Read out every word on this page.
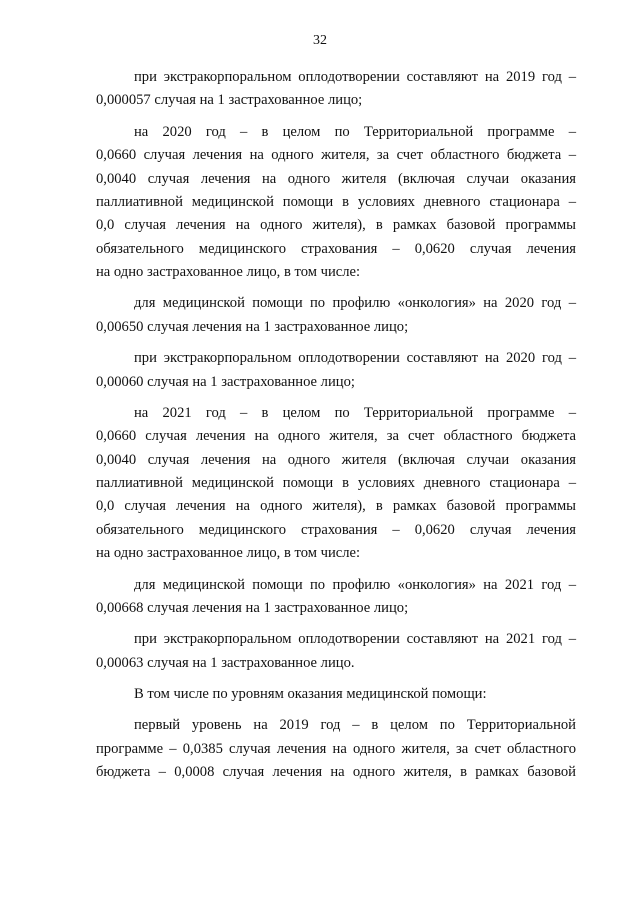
32

при экстракорпоральном оплодотворении составляют на 2019 год –
0,000057 случая на 1 застрахованное лицо;

на 2020 год – в целом по Территориальной программе –
0,0660 случая лечения на одного жителя, за счет областного бюджета –
0,0040 случая лечения на одного жителя (включая случаи оказания
паллиативной медицинской помощи в условиях дневного стационара –
0,0 случая лечения на одного жителя), в рамках базовой программы
обязательного медицинского страхования – 0,0620 случая лечения
на одно застрахованное лицо, в том числе:

для медицинской помощи по профилю «онкология» на 2020 год –
0,00650 случая лечения на 1 застрахованное лицо;

при экстракорпоральном оплодотворении составляют на 2020 год –
0,00060 случая на 1 застрахованное лицо;

на 2021 год – в целом по Территориальной программе –
0,0660 случая лечения на одного жителя, за счет областного бюджета
0,0040 случая лечения на одного жителя (включая случаи оказания
паллиативной медицинской помощи в условиях дневного стационара –
0,0 случая лечения на одного жителя), в рамках базовой программы
обязательного медицинского страхования – 0,0620 случая лечения
на одно застрахованное лицо, в том числе:

для медицинской помощи по профилю «онкология» на 2021 год –
0,00668 случая лечения на 1 застрахованное лицо;

при экстракорпоральном оплодотворении составляют на 2021 год –
0,00063 случая на 1 застрахованное лицо.

В том числе по уровням оказания медицинской помощи:

первый уровень на 2019 год – в целом по Территориальной
программе – 0,0385 случая лечения на одного жителя, за счет областного
бюджета – 0,0008 случая лечения на одного жителя, в рамках базовой
